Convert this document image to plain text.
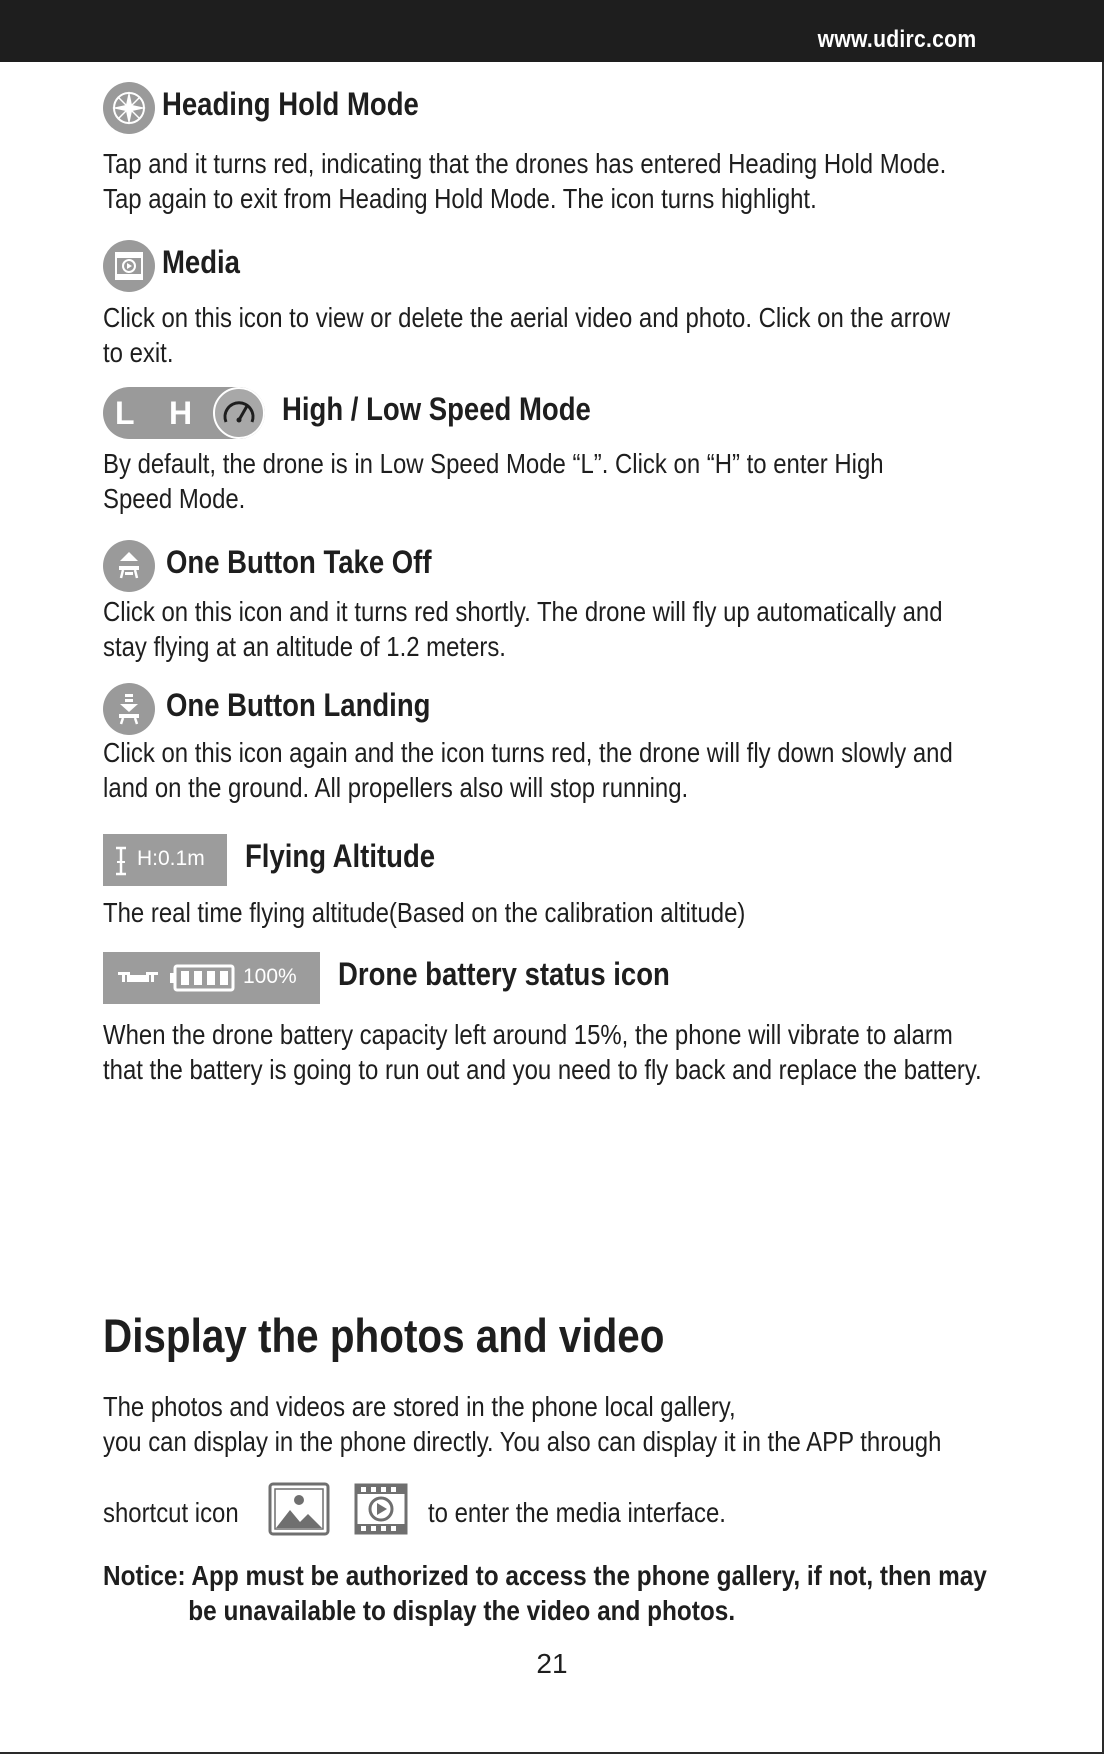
www.udirc.com
Heading Hold Mode

Tap and it turns red, indicating that the drones has entered Heading Hold Mode.

Tap again to exit from Heading Hold Mode. The icon turns highlight.

Media

Click on this icon to view or delete the aerial video and photo. Click on the arrow

to exit.

L H	High / Low Speed Mode

By default, the drone is in Low Speed Mode “L”. Click on “H” to enter High

Speed Mode.

One Button Take Off

Click on this icon and it turns red shortly. The drone will fly up automatically and

stay flying at an altitude of 1.2 meters.

One Button Landing

Click on this icon again and the icon turns red, the drone will fly down slowly and

land on the ground. All propellers also will stop running.

H:0.1m Flying Altitude

The real time flying altitude(Based on the calibration altitude)

100% Drone battery status icon

When the drone battery capacity left around 15%, the phone will vibrate to alarm

that the battery is going to run out and you need to fly back and replace the battery.

Display the photos and video

The photos and videos are stored in the phone local gallery,

you can display in the phone directly. You also can display it in the APP through

shortcut icon	to enter the media interface.
Notice: App must be authorized to access the phone gallery, if not, then may
be unavailable to display the video and photos.
21
